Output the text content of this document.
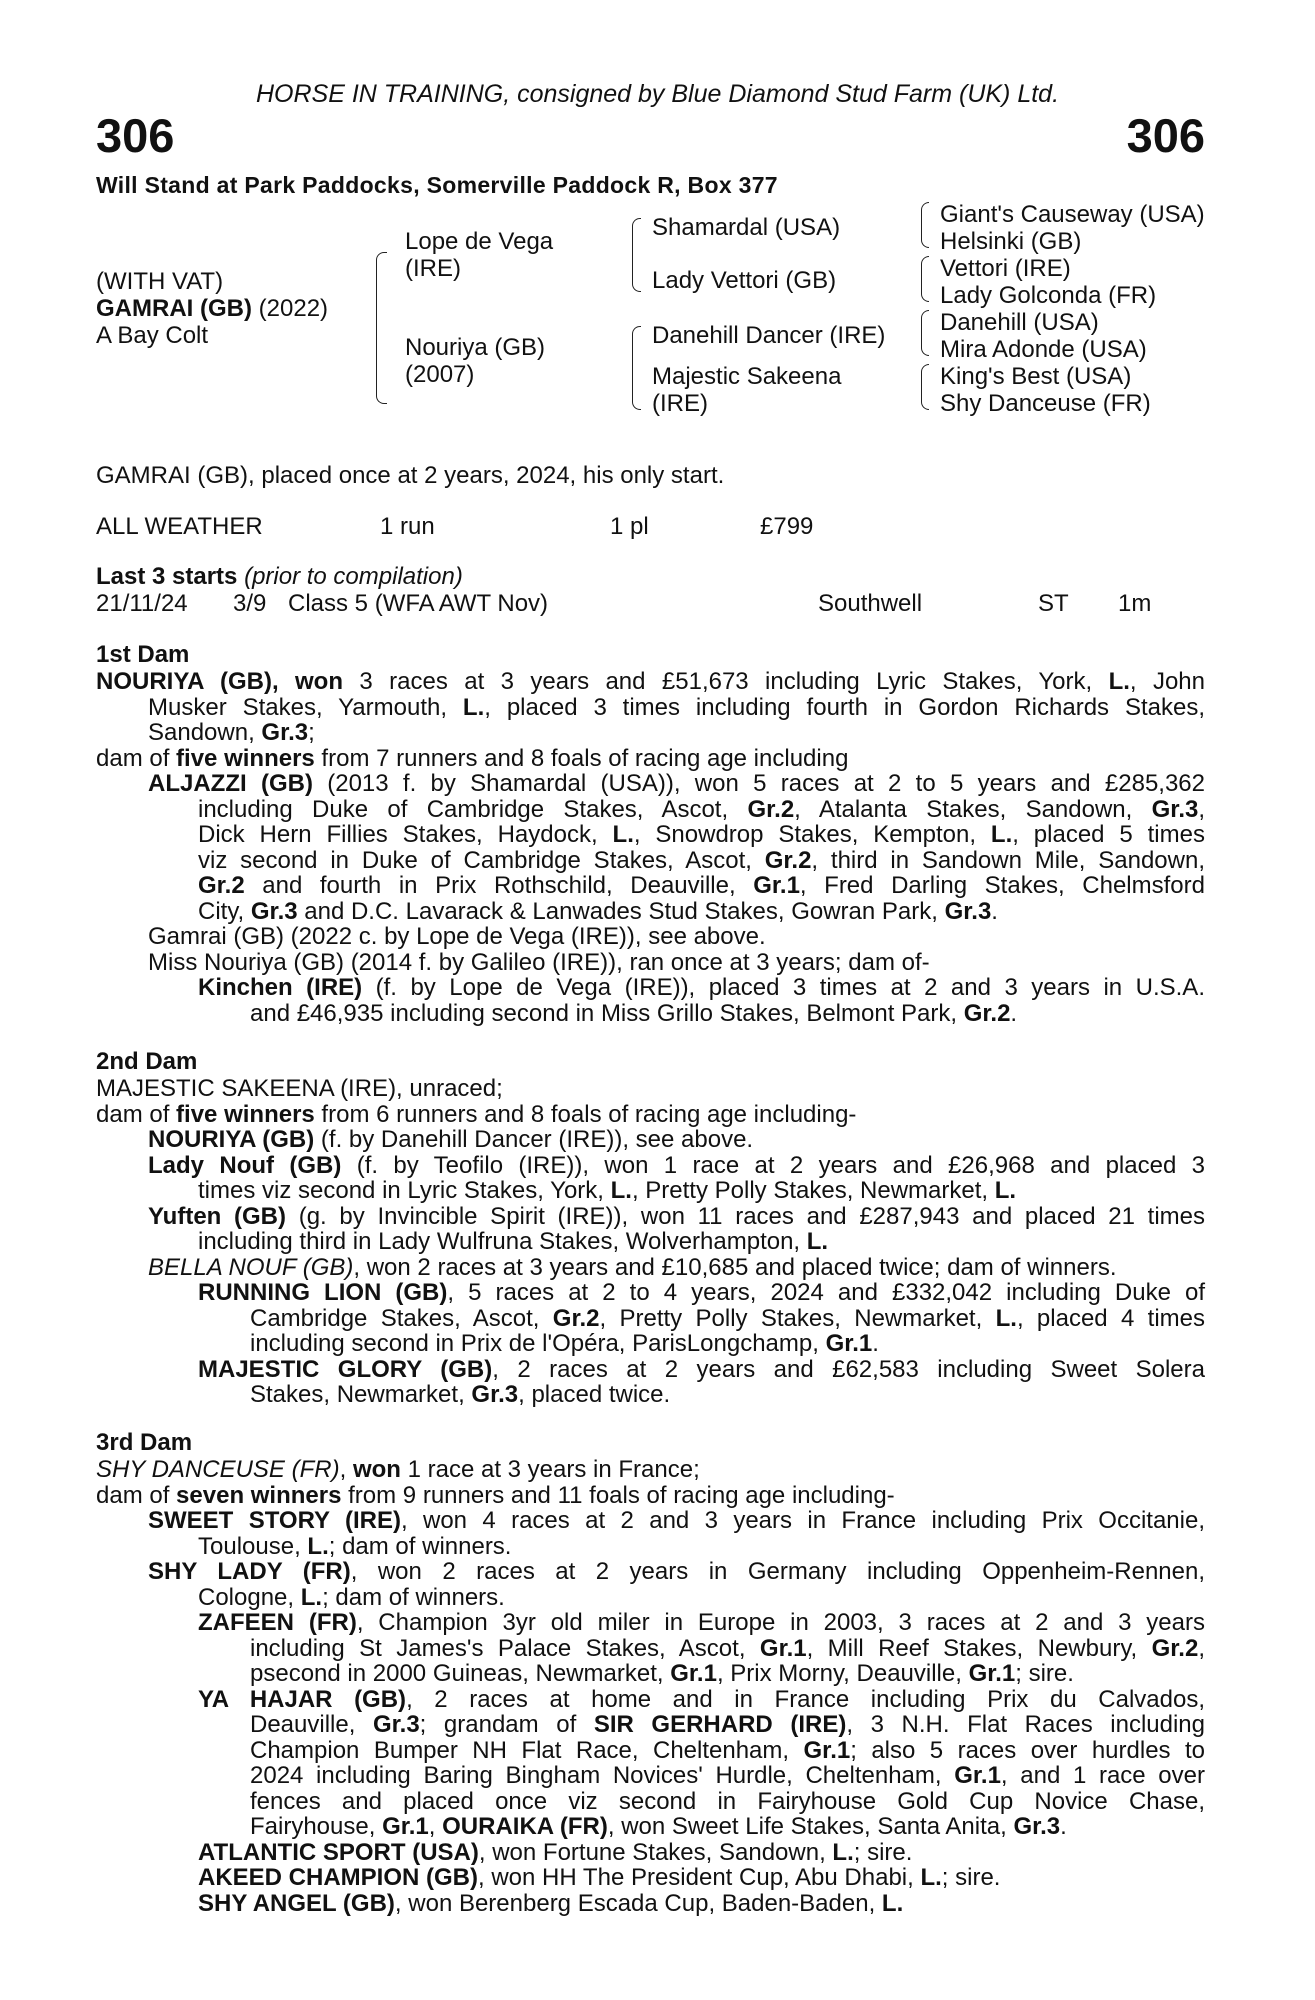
HORSE IN TRAINING, consigned by Blue Diamond Stud Farm (UK) Ltd.
306	306
Will Stand at Park Paddocks, Somerville Paddock R, Box 377
(WITH VAT)
GAMRAI (GB) (2022)
A Bay Colt
Lope de Vega
(IRE)
Nouriya (GB)
(2007)
Shamardal (USA)
Lady Vettori (GB)
Danehill Dancer (IRE)
Majestic Sakeena
(IRE)
Giant's Causeway (USA)
Helsinki (GB)
Vettori (IRE)
Lady Golconda (FR)
Danehill (USA)
Mira Adonde (USA)
King's Best (USA)
Shy Danceuse (FR)
GAMRAI (GB), placed once at 2 years, 2024, his only start.
ALL WEATHER	1 run	1 pl	£799
Last 3 starts (prior to compilation)
21/11/24 3/9 Class 5 (WFA AWT Nov)	Southwell	ST 1m
1st Dam
NOURIYA (GB), won 3 races at 3 years and £51,673 including Lyric Stakes, York, L., John
Musker Stakes, Yarmouth, L., placed 3 times including fourth in Gordon Richards Stakes,
Sandown, Gr.3;
dam of five winners from 7 runners and 8 foals of racing age including
ALJAZZI (GB) (2013 f. by Shamardal (USA)), won 5 races at 2 to 5 years and £285,362
including Duke of Cambridge Stakes, Ascot, Gr.2, Atalanta Stakes, Sandown, Gr.3,
Dick Hern Fillies Stakes, Haydock, L., Snowdrop Stakes, Kempton, L., placed 5 times
viz second in Duke of Cambridge Stakes, Ascot, Gr.2, third in Sandown Mile, Sandown,
Gr.2 and fourth in Prix Rothschild, Deauville, Gr.1, Fred Darling Stakes, Chelmsford
City, Gr.3 and D.C. Lavarack & Lanwades Stud Stakes, Gowran Park, Gr.3.
Gamrai (GB) (2022 c. by Lope de Vega (IRE)), see above.
Miss Nouriya (GB) (2014 f. by Galileo (IRE)), ran once at 3 years; dam of-
Kinchen (IRE) (f. by Lope de Vega (IRE)), placed 3 times at 2 and 3 years in U.S.A.
and £46,935 including second in Miss Grillo Stakes, Belmont Park, Gr.2.
2nd Dam
MAJESTIC SAKEENA (IRE), unraced;
dam of five winners from 6 runners and 8 foals of racing age including-
NOURIYA (GB) (f. by Danehill Dancer (IRE)), see above.
Lady Nouf (GB) (f. by Teofilo (IRE)), won 1 race at 2 years and £26,968 and placed 3
times viz second in Lyric Stakes, York, L., Pretty Polly Stakes, Newmarket, L.
Yuften (GB) (g. by Invincible Spirit (IRE)), won 11 races and £287,943 and placed 21 times
including third in Lady Wulfruna Stakes, Wolverhampton, L.
BELLA NOUF (GB), won 2 races at 3 years and £10,685 and placed twice; dam of winners.
RUNNING LION (GB), 5 races at 2 to 4 years, 2024 and £332,042 including Duke of
Cambridge Stakes, Ascot, Gr.2, Pretty Polly Stakes, Newmarket, L., placed 4 times
including second in Prix de l'Opéra, ParisLongchamp, Gr.1.
MAJESTIC GLORY (GB), 2 races at 2 years and £62,583 including Sweet Solera
Stakes, Newmarket, Gr.3, placed twice.
3rd Dam
SHY DANCEUSE (FR), won 1 race at 3 years in France;
dam of seven winners from 9 runners and 11 foals of racing age including-
SWEET STORY (IRE), won 4 races at 2 and 3 years in France including Prix Occitanie,
Toulouse, L.; dam of winners.
SHY LADY (FR), won 2 races at 2 years in Germany including Oppenheim-Rennen,
Cologne, L.; dam of winners.
ZAFEEN (FR), Champion 3yr old miler in Europe in 2003, 3 races at 2 and 3 years
including St James's Palace Stakes, Ascot, Gr.1, Mill Reef Stakes, Newbury, Gr.2,
psecond in 2000 Guineas, Newmarket, Gr.1, Prix Morny, Deauville, Gr.1; sire.
YA HAJAR (GB), 2 races at home and in France including Prix du Calvados,
Deauville, Gr.3; grandam of SIR GERHARD (IRE), 3 N.H. Flat Races including
Champion Bumper NH Flat Race, Cheltenham, Gr.1; also 5 races over hurdles to
2024 including Baring Bingham Novices' Hurdle, Cheltenham, Gr.1, and 1 race over
fences and placed once viz second in Fairyhouse Gold Cup Novice Chase,
Fairyhouse, Gr.1, OURAIKA (FR), won Sweet Life Stakes, Santa Anita, Gr.3.
ATLANTIC SPORT (USA), won Fortune Stakes, Sandown, L.; sire.
AKEED CHAMPION (GB), won HH The President Cup, Abu Dhabi, L.; sire.
SHY ANGEL (GB), won Berenberg Escada Cup, Baden-Baden, L.
